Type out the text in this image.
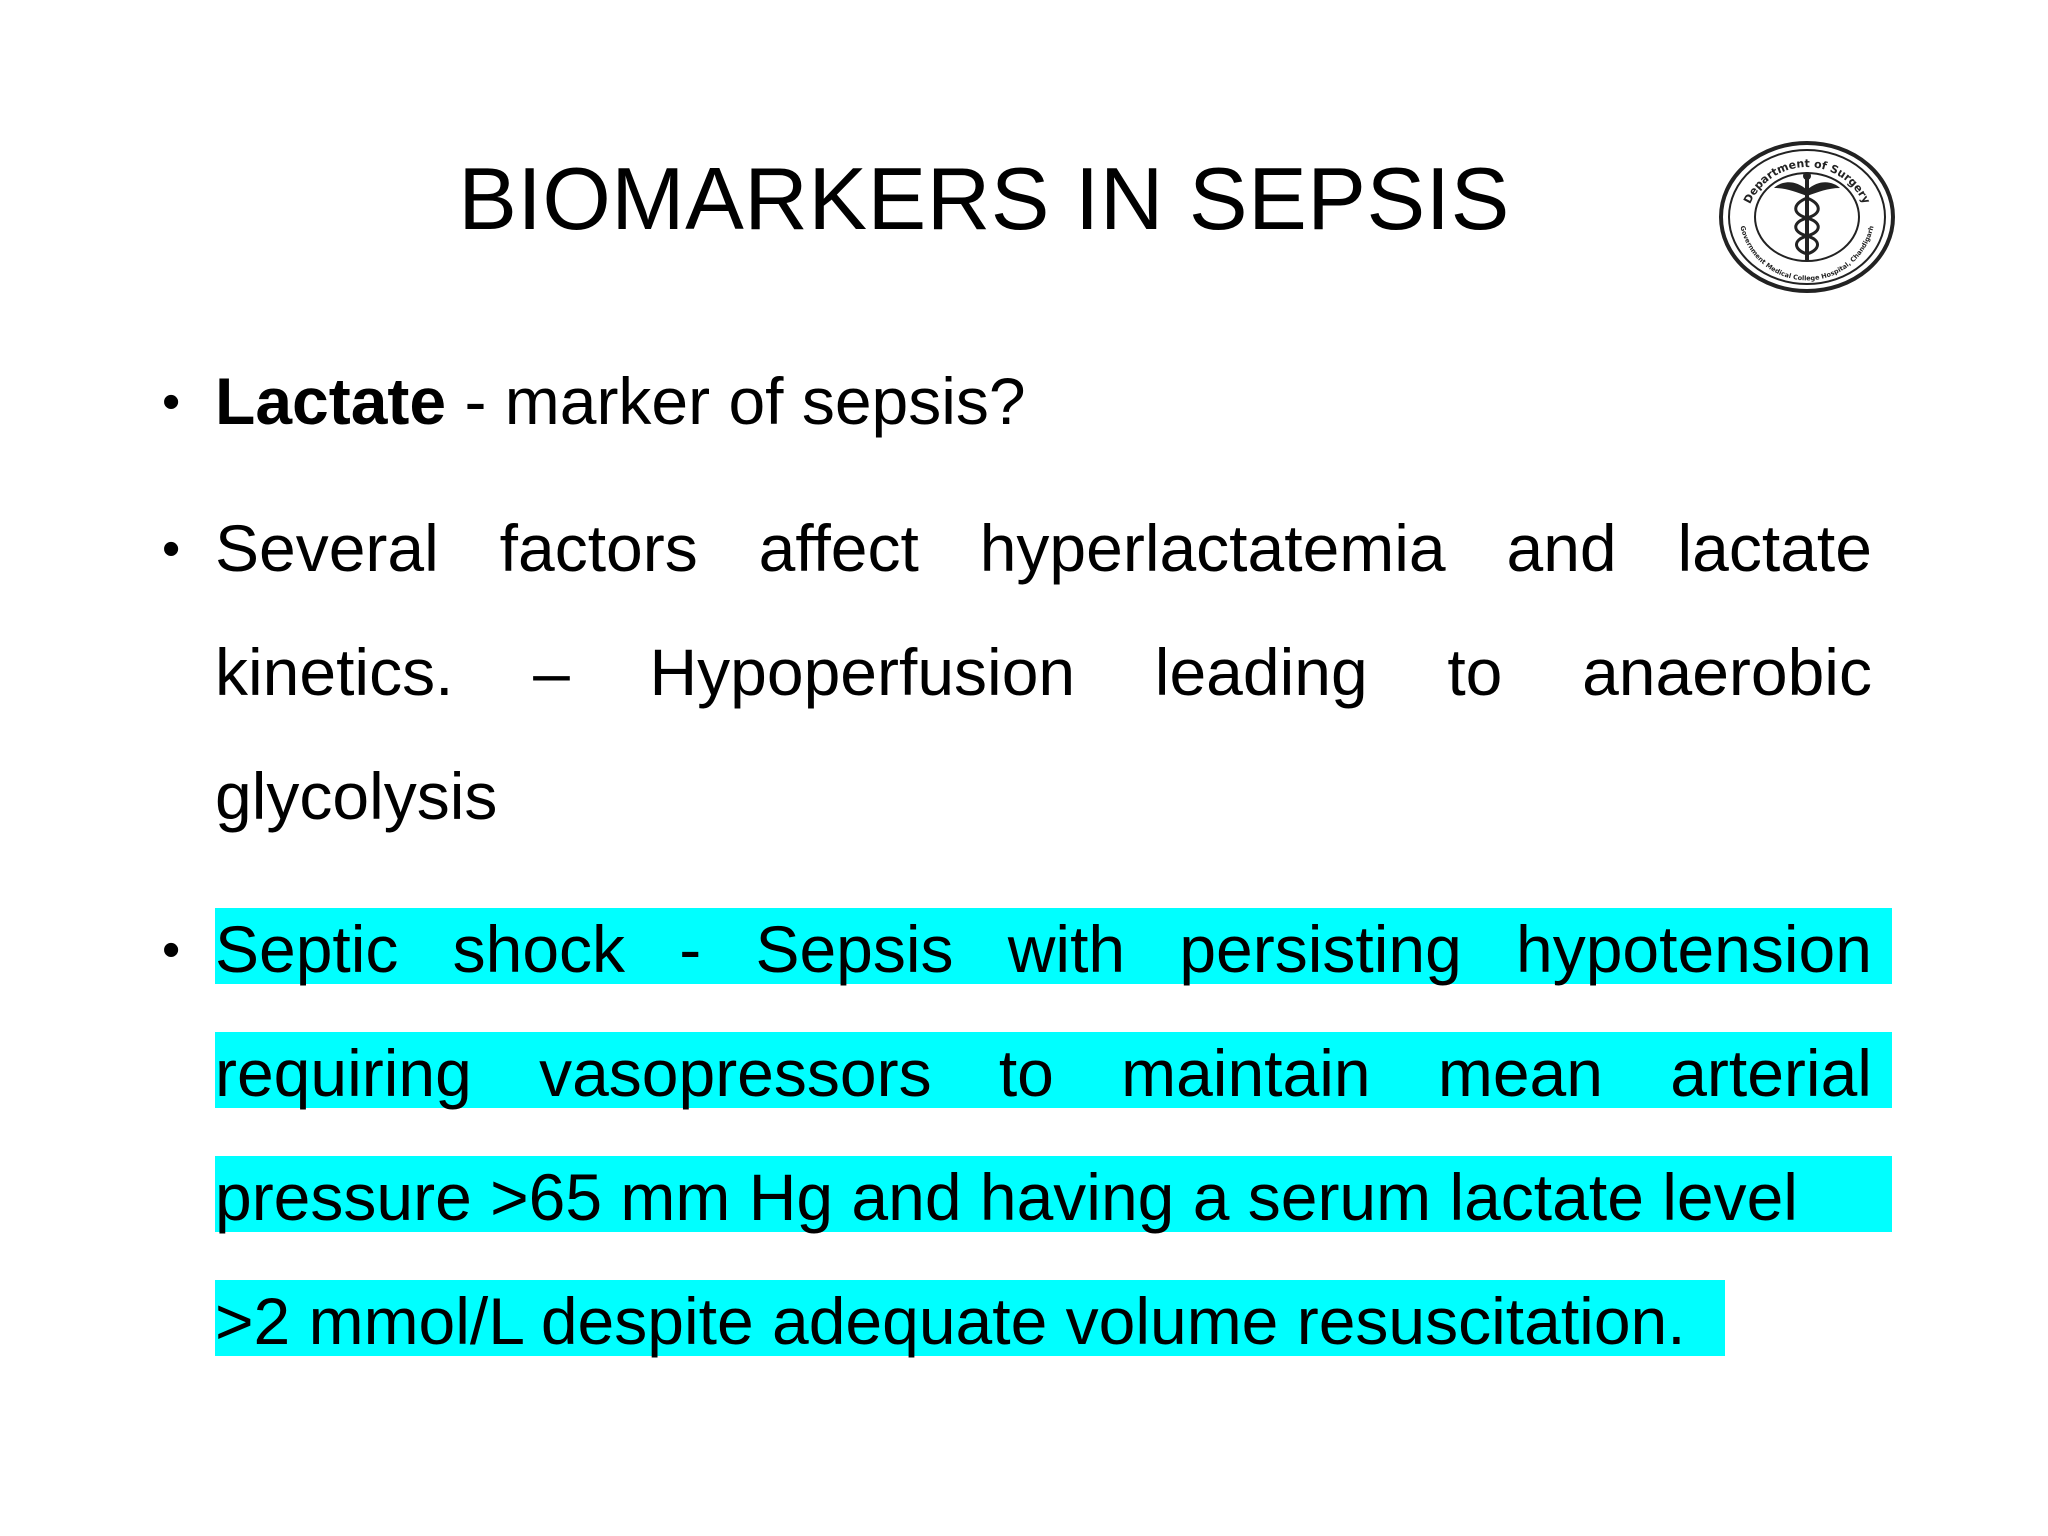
BIOMARKERS IN SEPSIS	Department of Surgery
Government Medical College Hospital, Chandigarh
• Lactate - marker of sepsis?
• Several factors affect hyperlactatemia and lactate
kinetics. – Hypoperfusion leading to anaerobic
glycolysis
• Septic shock - Sepsis with persisting hypotension
requiring vasopressors to maintain mean arterial
pressure >65 mm Hg and having a serum lactate level
>2 mmol/L despite adequate volume resuscitation.
